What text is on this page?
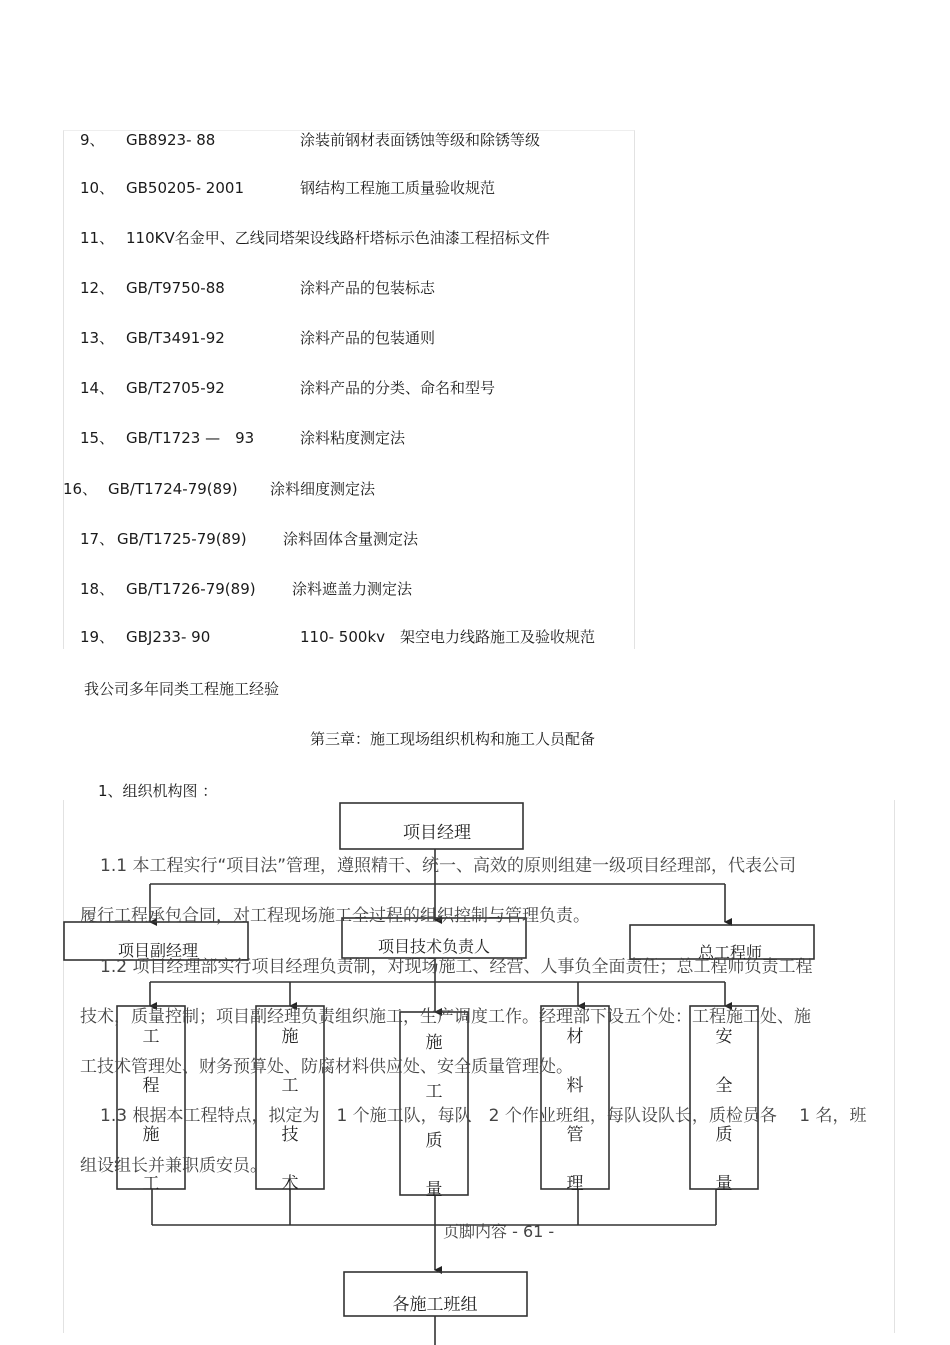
9、 GB8923- 88	涂装前钢材表面锈蚀等级和除锈等级
10、 GB50205- 2001	钢结构工程施工质量验收规范
11、 110KV名金甲、乙线同塔架设线路杆塔标示色油漆工程招标文件
12、 GB/T9750-88	涂料产品的包装标志
13、 GB/T3491-92	涂料产品的包装通则
14、 GB/T2705-92	涂料产品的分类、命名和型号
15、 GB/T1723 —　93	涂料粘度测定法
16、 GB/T1724-79(89) 涂料细度测定法
17、 GB/T1725-79(89) 涂料固体含量测定法
18、 GB/T1726-79(89) 涂料遮盖力测定法
19、 GBJ233- 90	110- 500kv　架空电力线路施工及验收规范
我公司多年同类工程施工经验
第三章：施工现场组织机构和施工人员配备
1、组织机构图 ：
项目经理
项目副经理	项目技术负责人	总工程师
各施工班组
工程施工
施工技术
施工质量
材料管理
安全质量
1.1 本工程实行“项目法”管理，遵照精干、统一、高效的原则组建一级项目经理部，代表公司
履行工程承包合同，对工程现场施工全过程的组织控制与管理负责。
1.2 项目经理部实行项目经理负责制，对现场施工、经营、人事负全面责任；总工程师负责工程
技术，质量控制；项目副经理负责组织施工，生产调度工作。经理部下设五个处：工程施工处、施
工技术管理处、财务预算处、防腐材料供应处、安全质量管理处。
1.3 根据本工程特点，拟定为　1 个施工队，每队　2 个作业班组，每队设队长，质检员各　 1 名，班
组设组长并兼职质安员。
页脚内容 - 61 -
